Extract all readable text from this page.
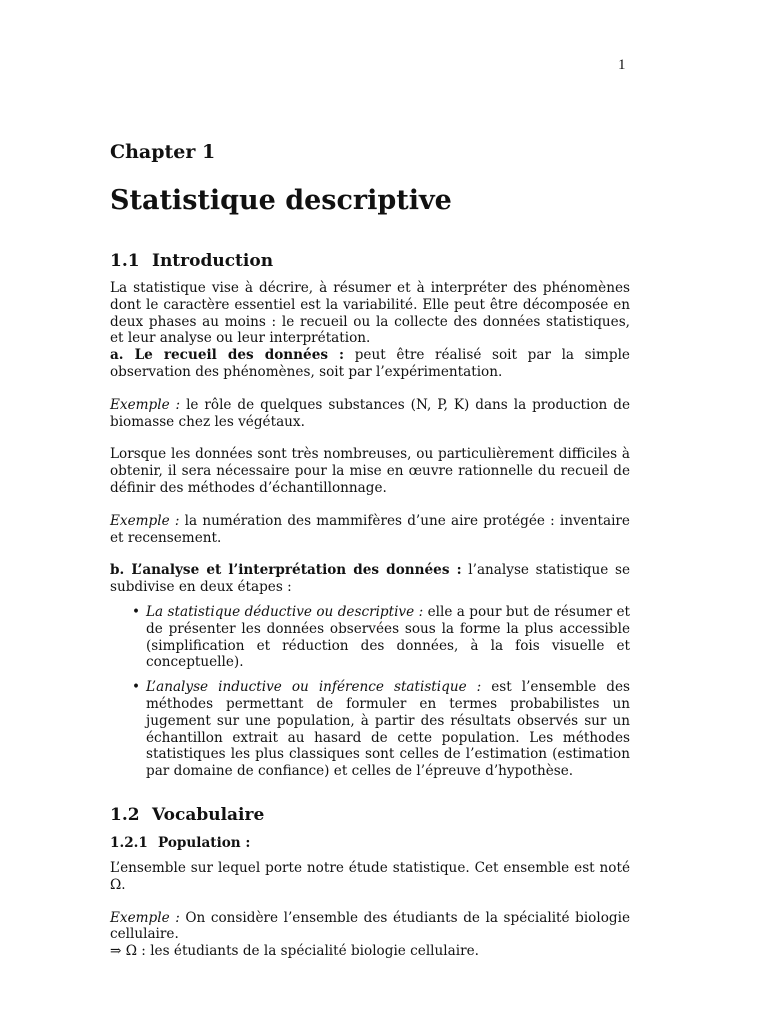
1
Chapter 1
Statistique descriptive
1.1 Introduction

La statistique vise à décrire, à résumer et à interpréter des phénomènes dont le caractère essentiel est la variabilité. Elle peut être décomposée en deux phases au moins : le recueil ou la collecte des données statistiques, et leur analyse ou leur interprétation.

a. Le recueil des données : peut être réalisé soit par la simple observation des phénomènes, soit par l’expérimentation.

Exemple : le rôle de quelques substances (N, P, K) dans la production de biomasse chez les végétaux.

Lorsque les données sont très nombreuses, ou particulièrement difficiles à obtenir, il sera nécessaire pour la mise en œuvre rationnelle du recueil de définir des méthodes d’échantillonnage.

Exemple : la numération des mammifères d’une aire protégée : inventaire et recensement.

b. L’analyse et l’interprétation des données : l’analyse statistique se subdivise en deux étapes :

• La statistique déductive ou descriptive : elle a pour but de résumer et de présenter les données observées sous la forme la plus accessible (simplification et réduction des données, à la fois visuelle et conceptuelle).
• L’analyse inductive ou inférence statistique : est l’ensemble des méthodes permettant de formuler en termes probabilistes un jugement sur une population, à partir des résultats observés sur un échantillon extrait au hasard de cette population. Les méthodes statistiques les plus classiques sont celles de l’estimation (estimation par domaine de confiance) et celles de l’épreuve d’hypothèse.
1.2 Vocabulaire
1.2.1 Population :

L’ensemble sur lequel porte notre étude statistique. Cet ensemble est noté Ω.

Exemple : On considère l’ensemble des étudiants de la spécialité biologie cellulaire.

⇒ Ω : les étudiants de la spécialité biologie cellulaire.
